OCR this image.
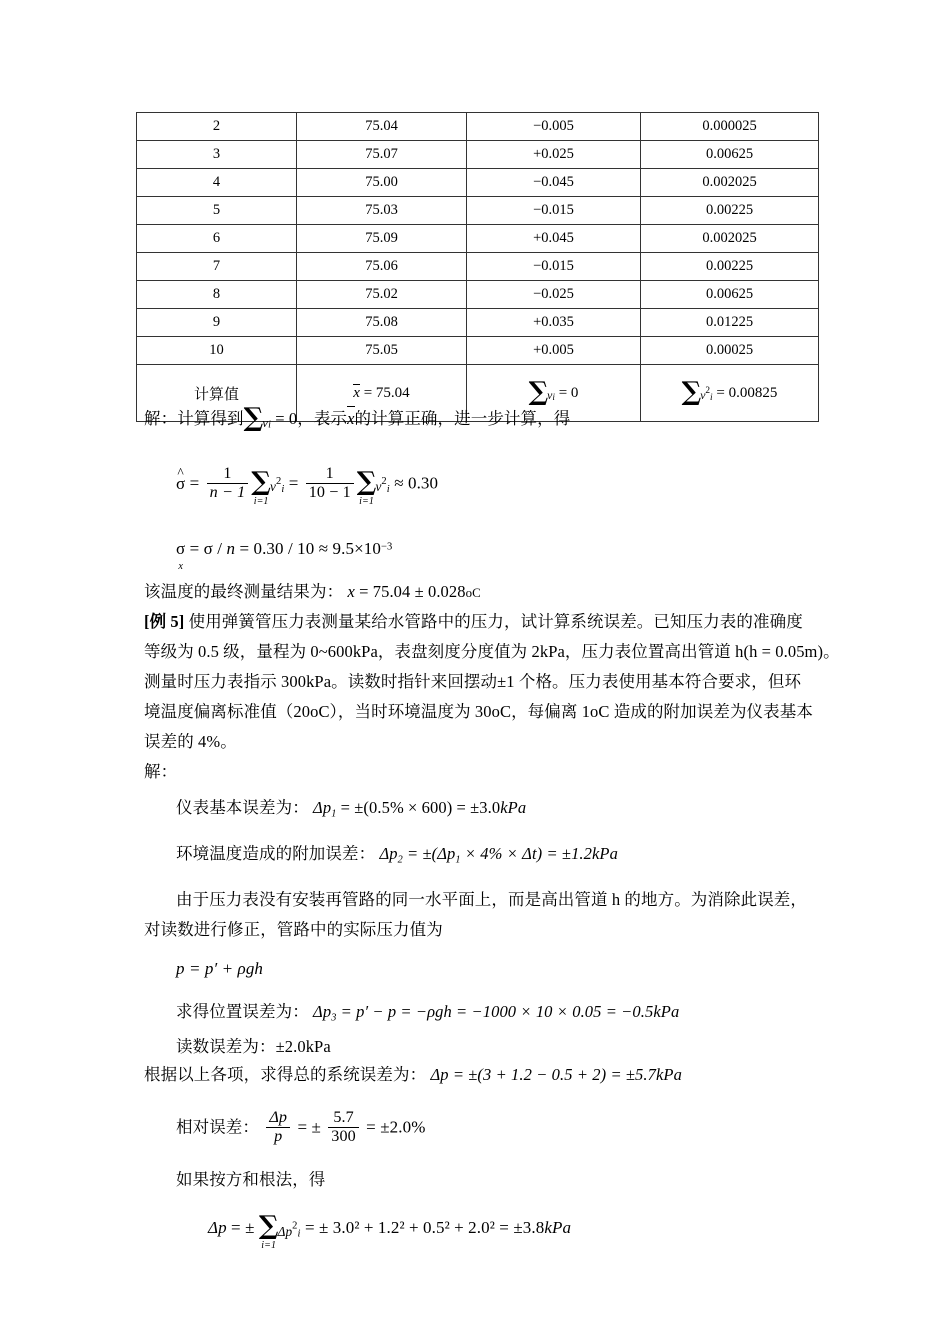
2	75.04	−0.005	0.000025
3	75.07	+0.025	0.00625
4	75.00	−0.045	0.002025
5	75.03	−0.015	0.00225
6	75.09	+0.045	0.002025
7	75.06	−0.015	0.00225
8	75.02	−0.025	0.00625
9	75.08	+0.035	0.01225
10	75.05	+0.005	0.00025
计算值	x = 75.04	$\sum v_i = 0$	$\sum v^2_i = 0.00825$
解：计算得到$\sum v_i = 0$，表示x的计算正确，进一步计算，得
^ $\sigma = \frac{1}{n - 1}$ ∑
i=1
$v^2_i = \frac{1}{10 - 1}$ ∑
i=1
$v^2_i \approx 0.30$
σ
x
= $\sigma / n = 0.30 / 10 \approx 9.5\times 10^{-3}$
该温度的最终测量结果为： x = 75.04 ± 0.028oC
[例 5] 使用弹簧管压力表测量某给水管路中的压力，试计算系统误差。已知压力表的准确度
等级为 0.5 级，量程为 0~600kPa，表盘刻度分度值为 2kPa，压力表位置高出管道 h(h = 0.05m)。
测量时压力表指示 300kPa。读数时指针来回摆动±1 个格。压力表使用基本符合要求，但环
境温度偏离标准值（20oC），当时环境温度为 30oC，每偏离 1oC 造成的附加误差为仪表基本
误差的 4%。
解：
仪表基本误差为： $\Delta p_1 = \pm(0.5\% \times 600) = \pm 3.0kPa$
环境温度造成的附加误差： $\Delta p_2 = \pm(\Delta p_1 \times 4\% \times \Delta t) = \pm 1.2kPa$
由于压力表没有安装再管路的同一水平面上，而是高出管道 h 的地方。为消除此误差，
对读数进行修正，管路中的实际压力值为
p = p′ + ρgh
求得位置误差为： $\Delta p_3 = p' - p = -\rho gh = -1000 \times 10 \times 0.05 = -0.5kPa$
读数误差为：±2.0kPa
根据以上各项，求得总的系统误差为： Δp = ±(3 + 1.2 − 0.5 + 2) = ±5.7kPa
相对误差： $\frac{\Delta p}{p}$ = ± $\frac{5.7}{300} = \pm 2.0\%$
如果按方和根法，得
Δp = ± ∑
i=1
$\Delta p^2_i$ = ± 3.0² + 1.2² + 0.5² + 2.0² = ±3.8kPa
